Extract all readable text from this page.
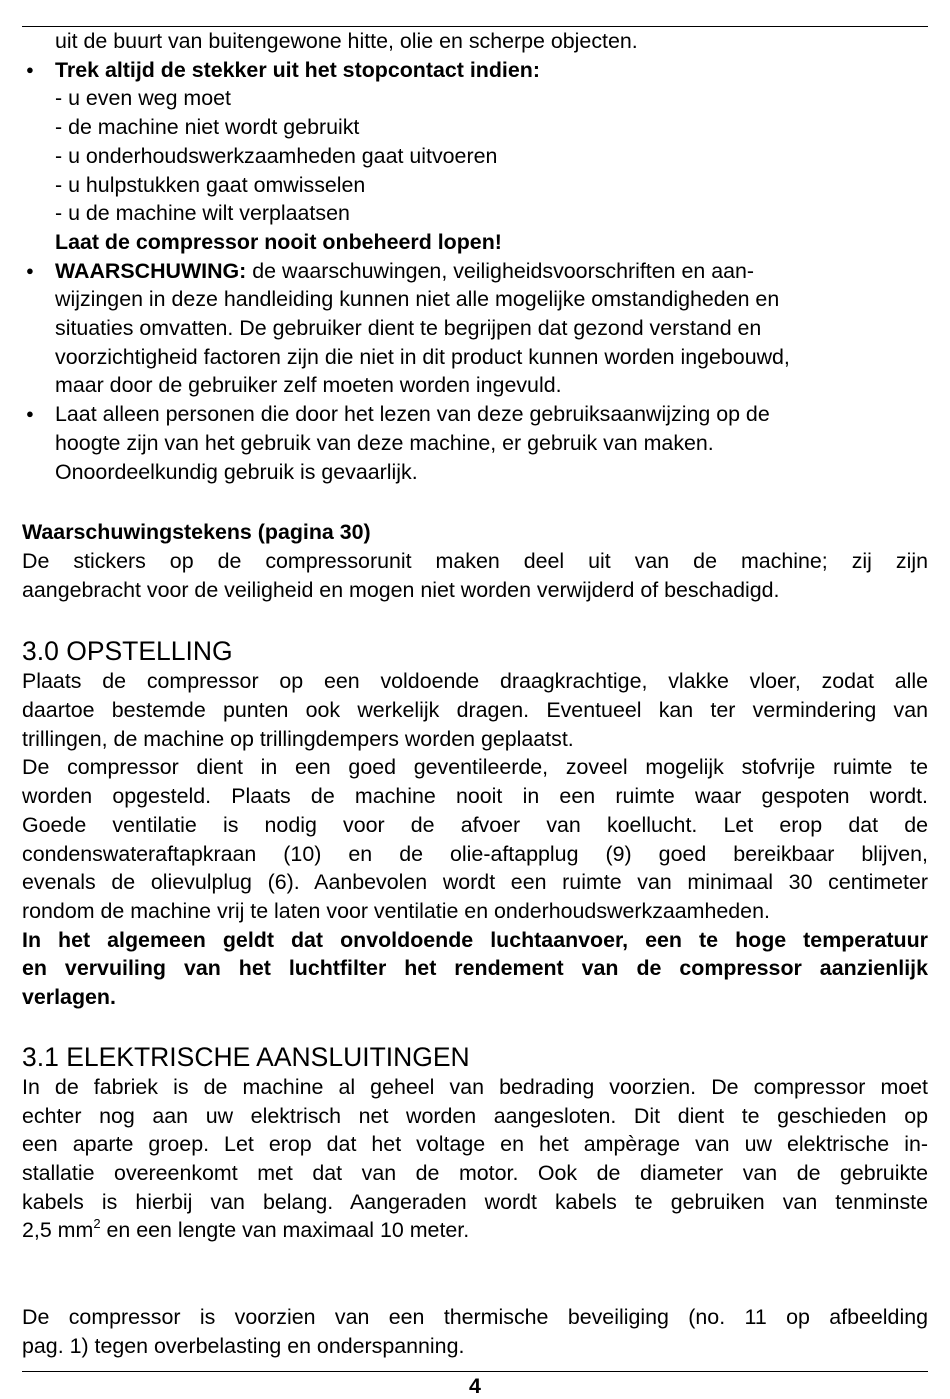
uit de buurt van buitengewone hitte, olie en scherpe objecten.

● Trek altijd de stekker uit het stopcontact indien:

- u even weg moet

- de machine niet wordt gebruikt

- u onderhoudswerkzaamheden gaat uitvoeren

- u hulpstukken gaat omwisselen

- u de machine wilt verplaatsen

Laat de compressor nooit onbeheerd lopen!

● WAARSCHUWING: de waarschuwingen, veiligheidsvoorschriften en aan-

wijzingen in deze handleiding kunnen niet alle mogelijke omstandigheden en

situaties omvatten. De gebruiker dient te begrijpen dat gezond verstand en

voorzichtigheid factoren zijn die niet in dit product kunnen worden ingebouwd,

maar door de gebruiker zelf moeten worden ingevuld.

● Laat alleen personen die door het lezen van deze gebruiksaanwijzing op de

hoogte zijn van het gebruik van deze machine, er gebruik van maken.

Onoordeelkundig gebruik is gevaarlijk.

Waarschuwingstekens (pagina 30)

De stickers op de compressorunit maken deel uit van de machine; zij zijn

aangebracht voor de veiligheid en mogen niet worden verwijderd of beschadigd.

3.0 OPSTELLING

Plaats de compressor op een voldoende draagkrachtige, vlakke vloer, zodat alle

daartoe bestemde punten ook werkelijk dragen. Eventueel kan ter vermindering van

trillingen, de machine op trillingdempers worden geplaatst.

De compressor dient in een goed geventileerde, zoveel mogelijk stofvrije ruimte te

worden opgesteld. Plaats de machine nooit in een ruimte waar gespoten wordt.

Goede ventilatie is nodig voor de afvoer van koellucht. Let erop dat de

condenswateraftapkraan (10) en de olie-aftapplug (9) goed bereikbaar blijven,

evenals de olievulplug (6). Aanbevolen wordt een ruimte van minimaal 30 centimeter

rondom de machine vrij te laten voor ventilatie en onderhoudswerkzaamheden.

In het algemeen geldt dat onvoldoende luchtaanvoer, een te hoge temperatuur

en vervuiling van het luchtfilter het rendement van de compressor aanzienlijk

verlagen.

3.1 ELEKTRISCHE AANSLUITINGEN

In de fabriek is de machine al geheel van bedrading voorzien. De compressor moet

echter nog aan uw elektrisch net worden aangesloten. Dit dient te geschieden op

een aparte groep. Let erop dat het voltage en het ampèrage van uw elektrische in-

stallatie overeenkomt met dat van de motor. Ook de diameter van de gebruikte

kabels is hierbij van belang. Aangeraden wordt kabels te gebruiken van tenminste

2,5 $mm^2$ en een lengte van maximaal 10 meter.

De compressor is voorzien van een thermische beveiliging (no. 11 op afbeelding

pag. 1) tegen overbelasting en onderspanning.

4
